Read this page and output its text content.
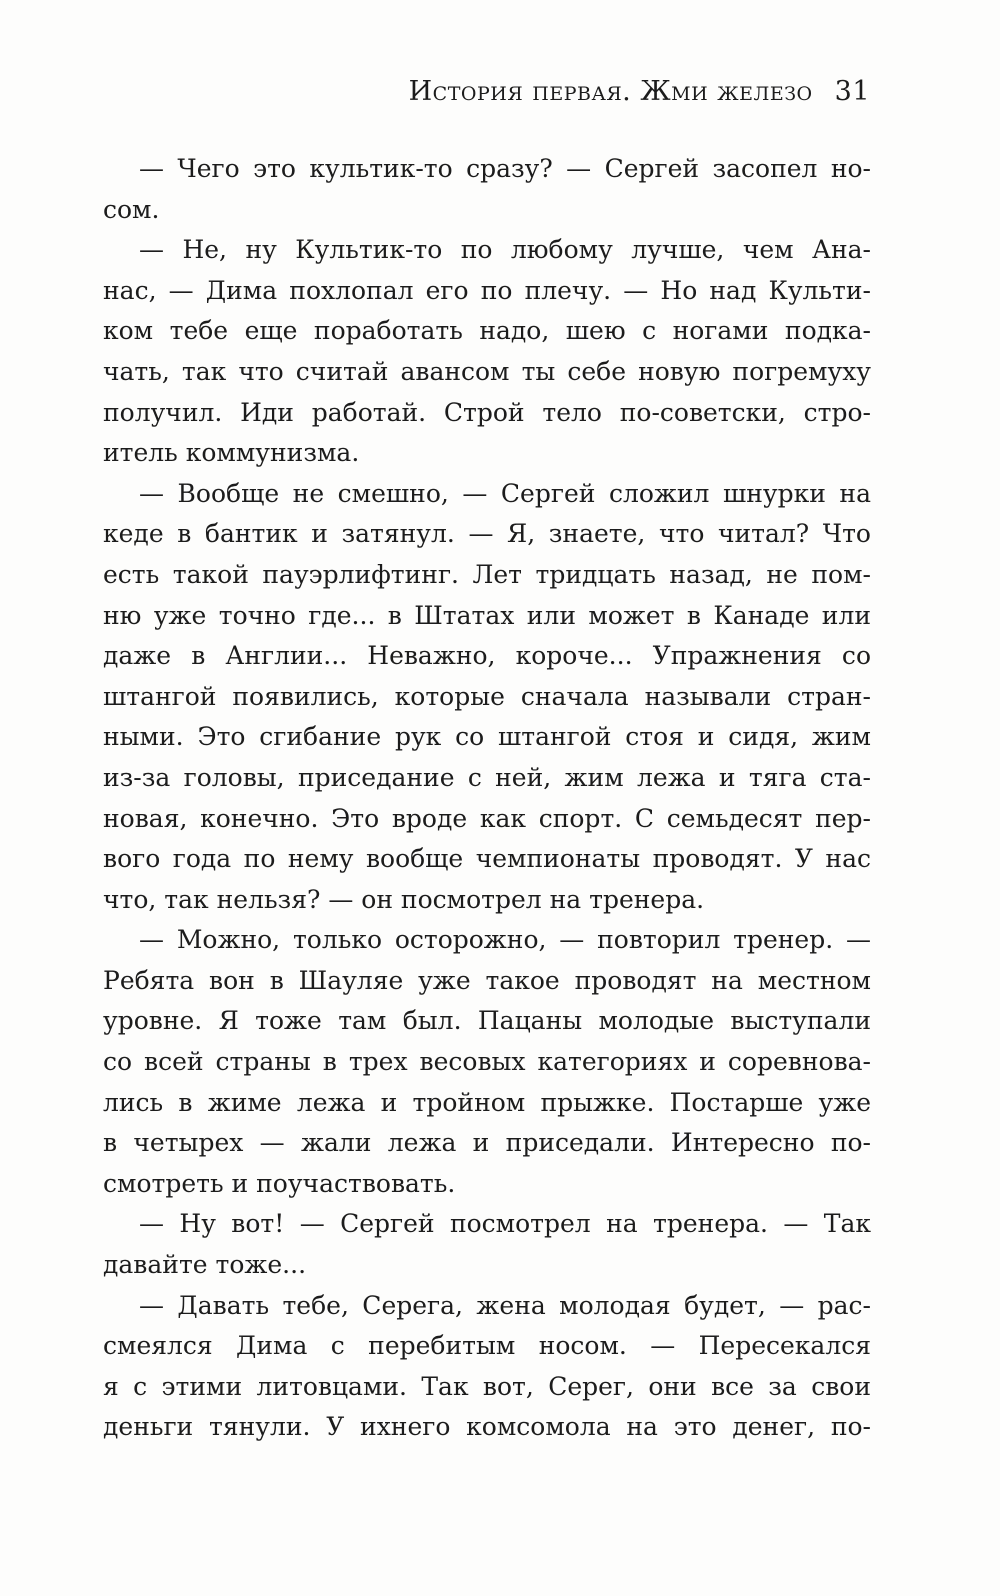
История первая. Жми железо 31
— Чего это культик-то сразу? — Сергей засопел но-
сом.
— Не, ну Культик-то по любому лучше, чем Ана-
нас, — Дима похлопал его по плечу. — Но над Культи-
ком тебе еще поработать надо, шею с ногами подка-
чать, так что считай авансом ты себе новую погремуху
получил. Иди работай. Строй тело по-советски, стро-
итель коммунизма.
— Вообще не смешно, — Сергей сложил шнурки на
кеде в бантик и затянул. — Я, знаете, что читал? Что
есть такой пауэрлифтинг. Лет тридцать назад, не пом-
ню уже точно где... в Штатах или может в Канаде или
даже в Англии... Неважно, короче... Упражнения со
штангой появились, которые сначала называли стран-
ными. Это сгибание рук со штангой стоя и сидя, жим
из-за головы, приседание с ней, жим лежа и тяга ста-
новая, конечно. Это вроде как спорт. С семьдесят пер-
вого года по нему вообще чемпионаты проводят. У нас
что, так нельзя? — он посмотрел на тренера.
— Можно, только осторожно, — повторил тренер. —
Ребята вон в Шауляе уже такое проводят на местном
уровне. Я тоже там был. Пацаны молодые выступали
со всей страны в трех весовых категориях и соревнова-
лись в жиме лежа и тройном прыжке. Постарше уже
в четырех — жали лежа и приседали. Интересно по-
смотреть и поучаствовать.
— Ну вот! — Сергей посмотрел на тренера. — Так
давайте тоже...
— Давать тебе, Серега, жена молодая будет, — рас-
смеялся Дима с перебитым носом. — Пересекался
я с этими литовцами. Так вот, Серег, они все за свои
деньги тянули. У ихнего комсомола на это денег, по-
